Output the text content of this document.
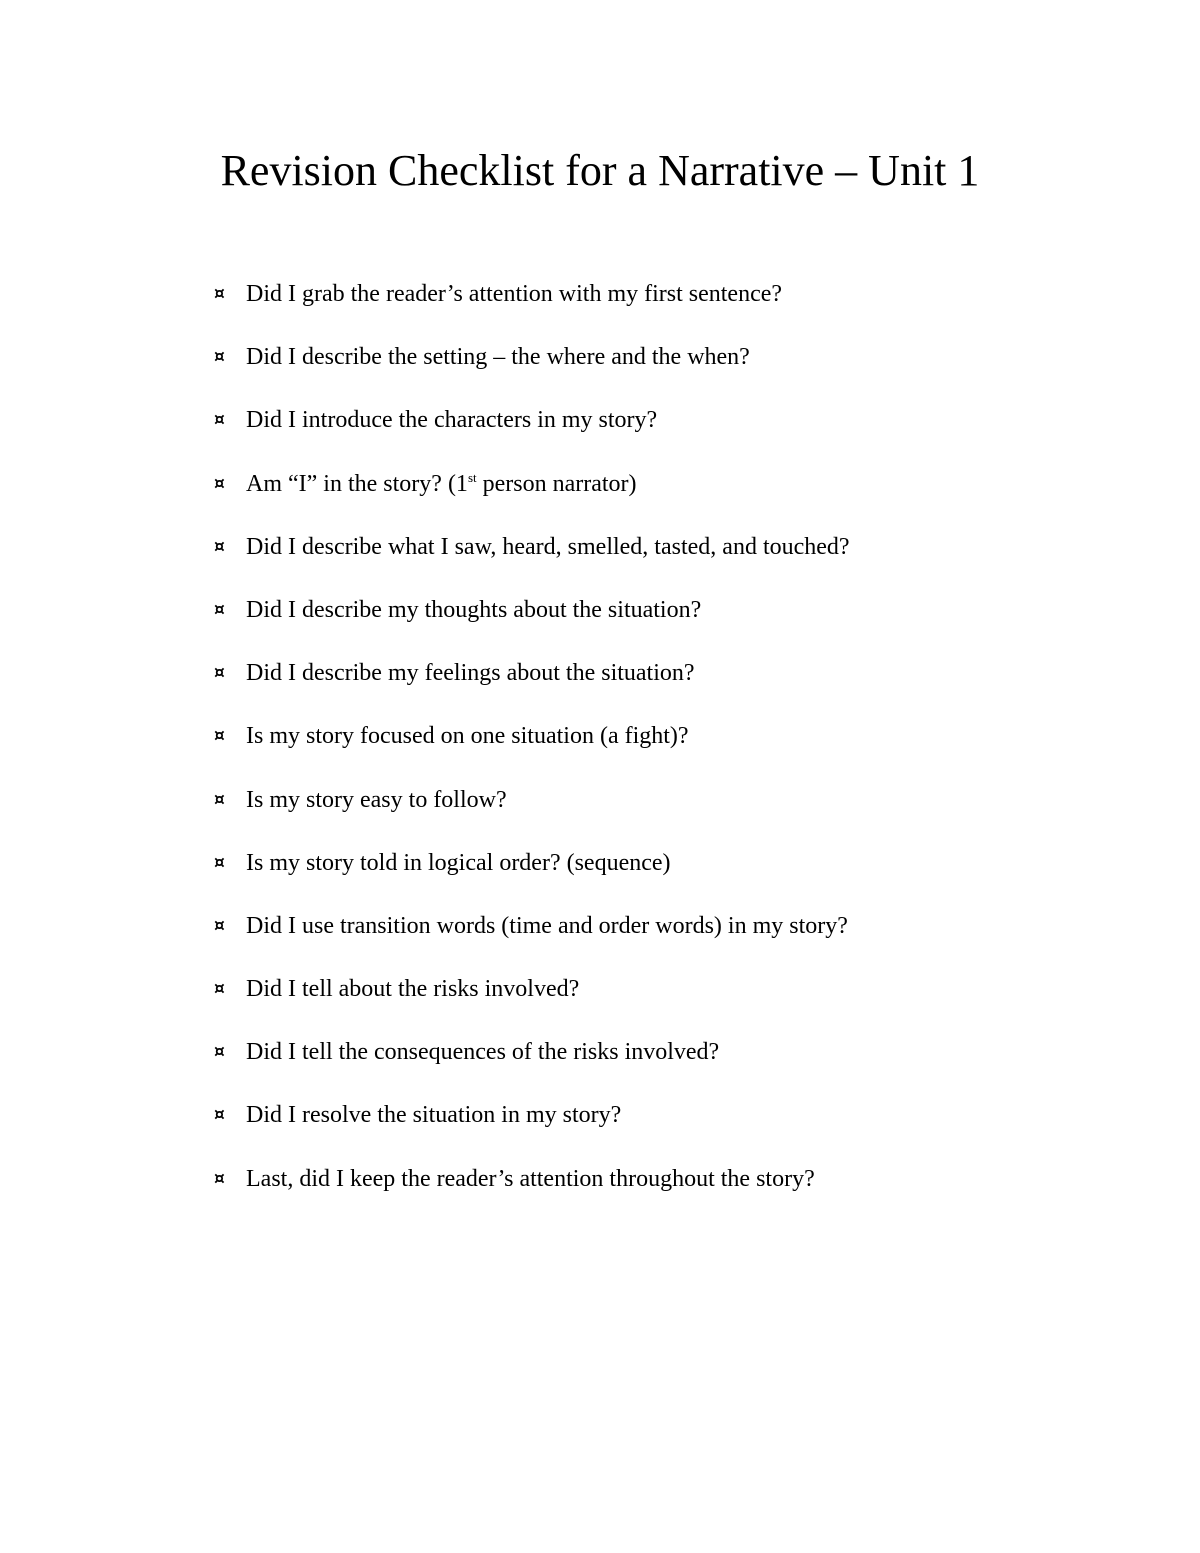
Revision Checklist for a Narrative – Unit 1
¤ Did I grab the reader’s attention with my first sentence?
¤ Did I describe the setting – the where and the when?
¤ Did I introduce the characters in my story?
¤ Am “I” in the story? (1st person narrator)
¤ Did I describe what I saw, heard, smelled, tasted, and touched?
¤ Did I describe my thoughts about the situation?
¤ Did I describe my feelings about the situation?
¤ Is my story focused on one situation (a fight)?
¤ Is my story easy to follow?
¤ Is my story told in logical order? (sequence)
¤ Did I use transition words (time and order words) in my story?
¤ Did I tell about the risks involved?
¤ Did I tell the consequences of the risks involved?
¤ Did I resolve the situation in my story?
¤ Last, did I keep the reader’s attention throughout the story?
